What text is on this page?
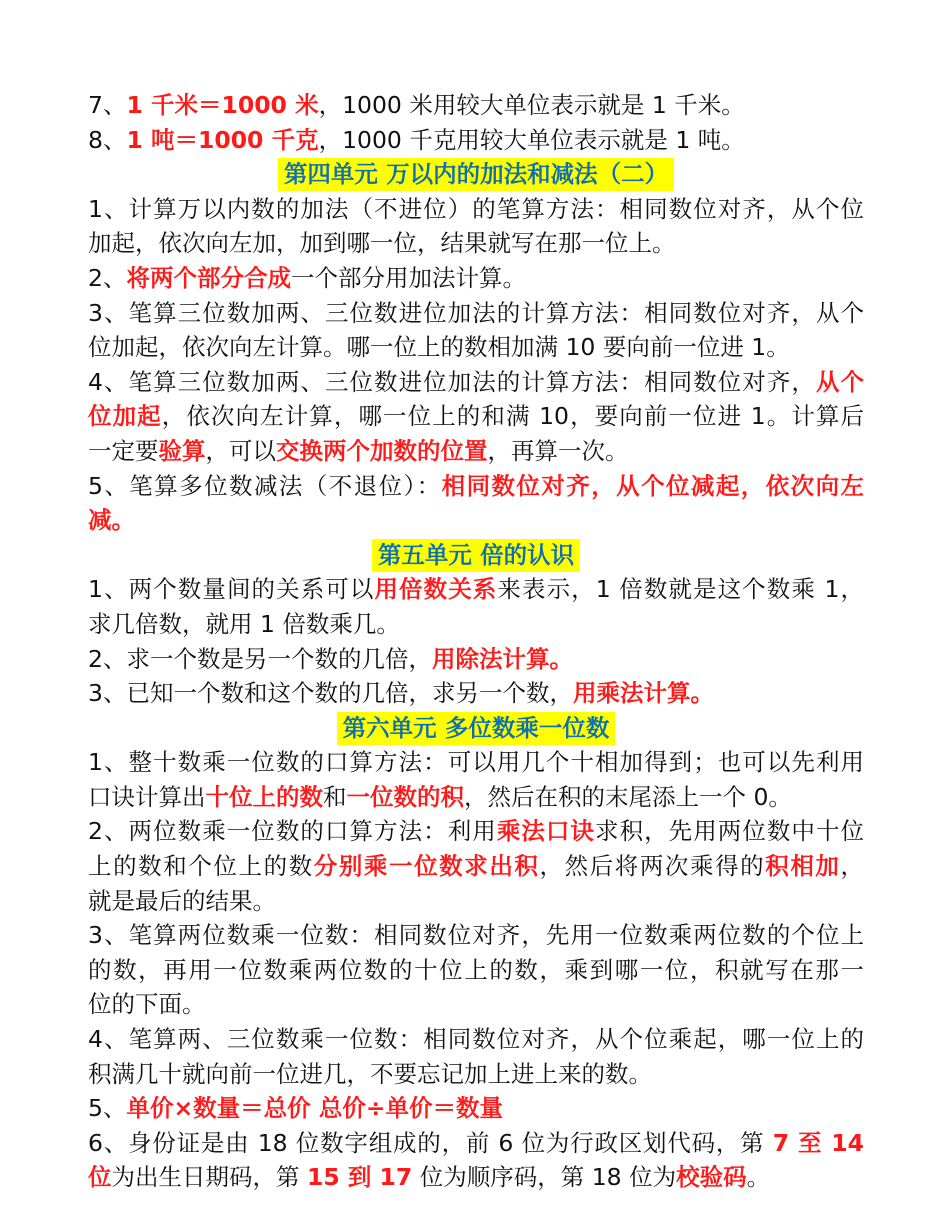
7、1 千米＝1000 米，1000 米用较大单位表示就是 1 千米。
8、1 吨＝1000 千克，1000 千克用较大单位表示就是 1 吨。
第四单元 万以内的加法和减法（二）
1、计算万以内数的加法（不进位）的笔算方法：相同数位对齐，从个位
加起，依次向左加，加到哪一位，结果就写在那一位上。
2、将两个部分合成一个部分用加法计算。
3、笔算三位数加两、三位数进位加法的计算方法：相同数位对齐，从个
位加起，依次向左计算。哪一位上的数相加满 10 要向前一位进 1。
4、笔算三位数加两、三位数进位加法的计算方法：相同数位对齐，从个
位加起，依次向左计算，哪一位上的和满 10，要向前一位进 1。计算后
一定要验算，可以交换两个加数的位置，再算一次。
5、笔算多位数减法（不退位）：相同数位对齐，从个位减起，依次向左
减。
第五单元 倍的认识
1、两个数量间的关系可以用倍数关系来表示，1 倍数就是这个数乘 1，
求几倍数，就用 1 倍数乘几。
2、求一个数是另一个数的几倍，用除法计算。
3、已知一个数和这个数的几倍，求另一个数，用乘法计算。
第六单元 多位数乘一位数
1、整十数乘一位数的口算方法：可以用几个十相加得到；也可以先利用
口诀计算出十位上的数和一位数的积，然后在积的末尾添上一个 0。
2、两位数乘一位数的口算方法：利用乘法口诀求积，先用两位数中十位
上的数和个位上的数分别乘一位数求出积，然后将两次乘得的积相加，
就是最后的结果。
3、笔算两位数乘一位数：相同数位对齐，先用一位数乘两位数的个位上
的数，再用一位数乘两位数的十位上的数，乘到哪一位，积就写在那一
位的下面。
4、笔算两、三位数乘一位数：相同数位对齐，从个位乘起，哪一位上的
积满几十就向前一位进几，不要忘记加上进上来的数。
5、单价×数量＝总价 总价÷单价＝数量
6、身份证是由 18 位数字组成的，前 6 位为行政区划代码，第 7 至 14
位为出生日期码，第 15 到 17 位为顺序码，第 18 位为校验码。
